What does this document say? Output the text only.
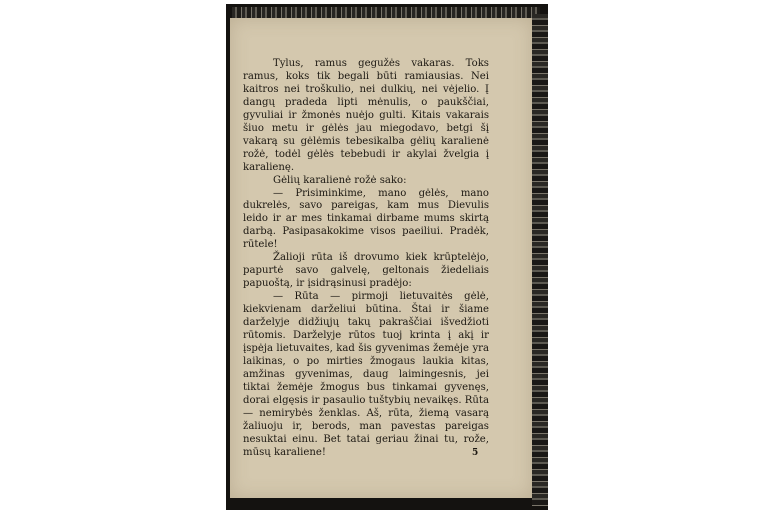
Tylus, ramus gegužės vakaras. Toks ramus, koks tik begali būti ramiausias. Nei kaitros nei troškulio, nei dulkių, nei vėjelio. Į dangų pradeda lipti mėnulis, o paukščiai, gyvuliai ir žmonės nuėjo gulti. Kitais vakarais šiuo metu ir gėlės jau miegodavo, betgi šį vakarą su gėlėmis tebesikalba gėlių karalienė rožė, todėl gėlės tebebudi ir akylai žvelgia į karalienę.

Gėlių karalienė rožė sako:

— Prisiminkime, mano gėlės, mano dukrelės, savo pareigas, kam mus Dievulis leido ir ar mes tinkamai dirbame mums skirtą darbą. Pasipasakokime visos paeiliui. Pradėk, rūtele!

Žalioji rūta iš drovumo kiek krūptelėjo, papurtė savo galvelę, geltonais žiedeliais papuoštą, ir įsidrąsinusi pradėjo:

— Rūta — pirmoji lietuvaitės gėlė, kiekvienam darželiui būtina. Štai ir šiame darželyje didžiųjų takų pakraščiai išvedžioti rūtomis. Darželyje rūtos tuoj krinta į akį ir įspėja lietuvaites, kad šis gyvenimas žemėje yra laikinas, o po mirties žmogaus laukia kitas, amžinas gyvenimas, daug laimingesnis, jei tiktai žemėje žmogus bus tinkamai gyvenęs, dorai elgęsis ir pasaulio tuštybių nevaikęs. Rūta — nemirybės ženklas. Aš, rūta, žiemą vasarą žaliuoju ir, berods, man pavestas pareigas nesuktai einu. Bet tatai geriau žinai tu, rože, mūsų karaliene!	5
